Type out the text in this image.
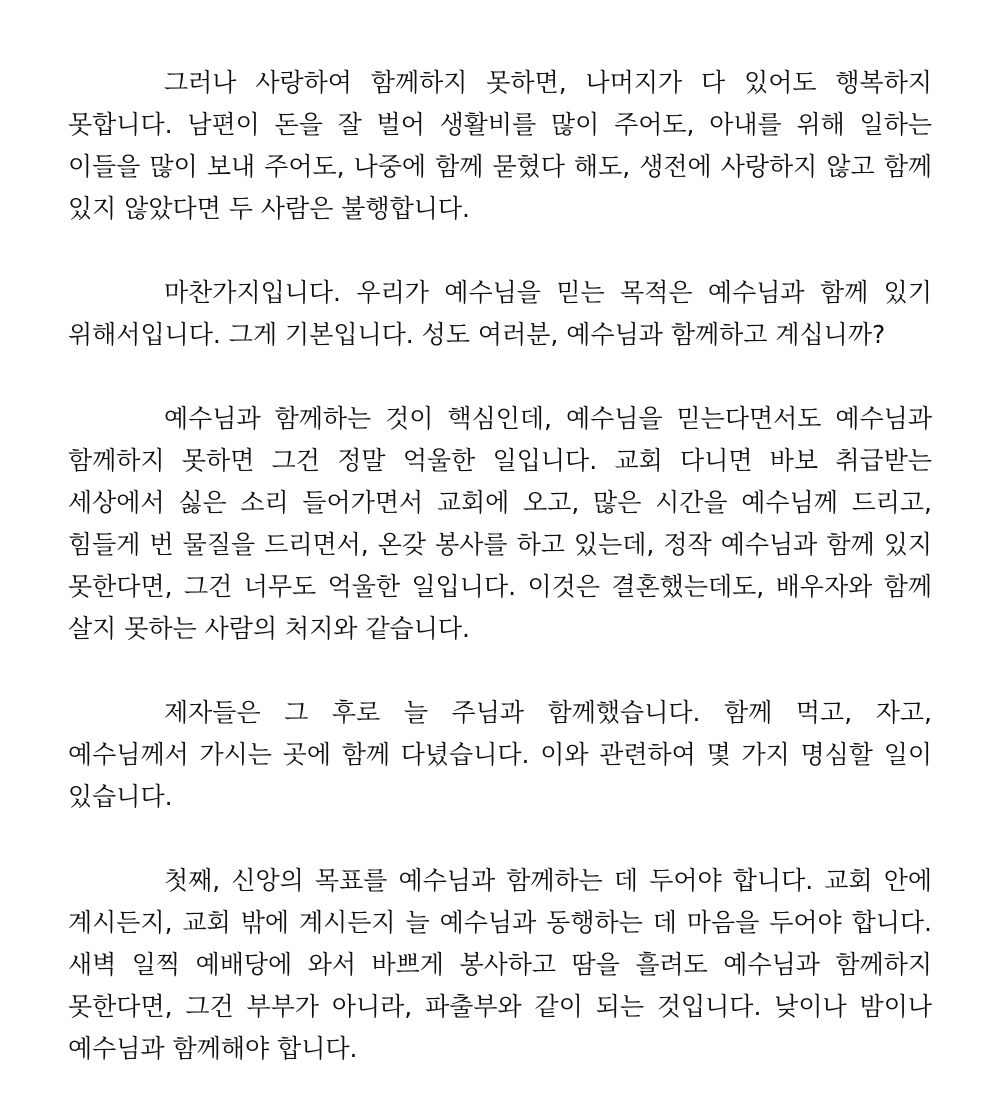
그러나 사랑하여 함께하지 못하면, 나머지가 다 있어도 행복하지 못합니다. 남편이 돈을 잘 벌어 생활비를 많이 주어도, 아내를 위해 일하는 이들을 많이 보내 주어도, 나중에 함께 묻혔다 해도, 생전에 사랑하지 않고 함께 있지 않았다면 두 사람은 불행합니다.

마찬가지입니다. 우리가 예수님을 믿는 목적은 예수님과 함께 있기 위해서입니다. 그게 기본입니다. 성도 여러분, 예수님과 함께하고 계십니까?

예수님과 함께하는 것이 핵심인데, 예수님을 믿는다면서도 예수님과 함께하지 못하면 그건 정말 억울한 일입니다. 교회 다니면 바보 취급받는 세상에서 싫은 소리 들어가면서 교회에 오고, 많은 시간을 예수님께 드리고, 힘들게 번 물질을 드리면서, 온갖 봉사를 하고 있는데, 정작 예수님과 함께 있지 못한다면, 그건 너무도 억울한 일입니다. 이것은 결혼했는데도, 배우자와 함께 살지 못하는 사람의 처지와 같습니다.

제자들은 그 후로 늘 주님과 함께했습니다. 함께 먹고, 자고, 예수님께서 가시는 곳에 함께 다녔습니다. 이와 관련하여 몇 가지 명심할 일이 있습니다.

첫째, 신앙의 목표를 예수님과 함께하는 데 두어야 합니다. 교회 안에 계시든지, 교회 밖에 계시든지 늘 예수님과 동행하는 데 마음을 두어야 합니다. 새벽 일찍 예배당에 와서 바쁘게 봉사하고 땀을 흘려도 예수님과 함께하지 못한다면, 그건 부부가 아니라, 파출부와 같이 되는 것입니다. 낮이나 밤이나 예수님과 함께해야 합니다.
